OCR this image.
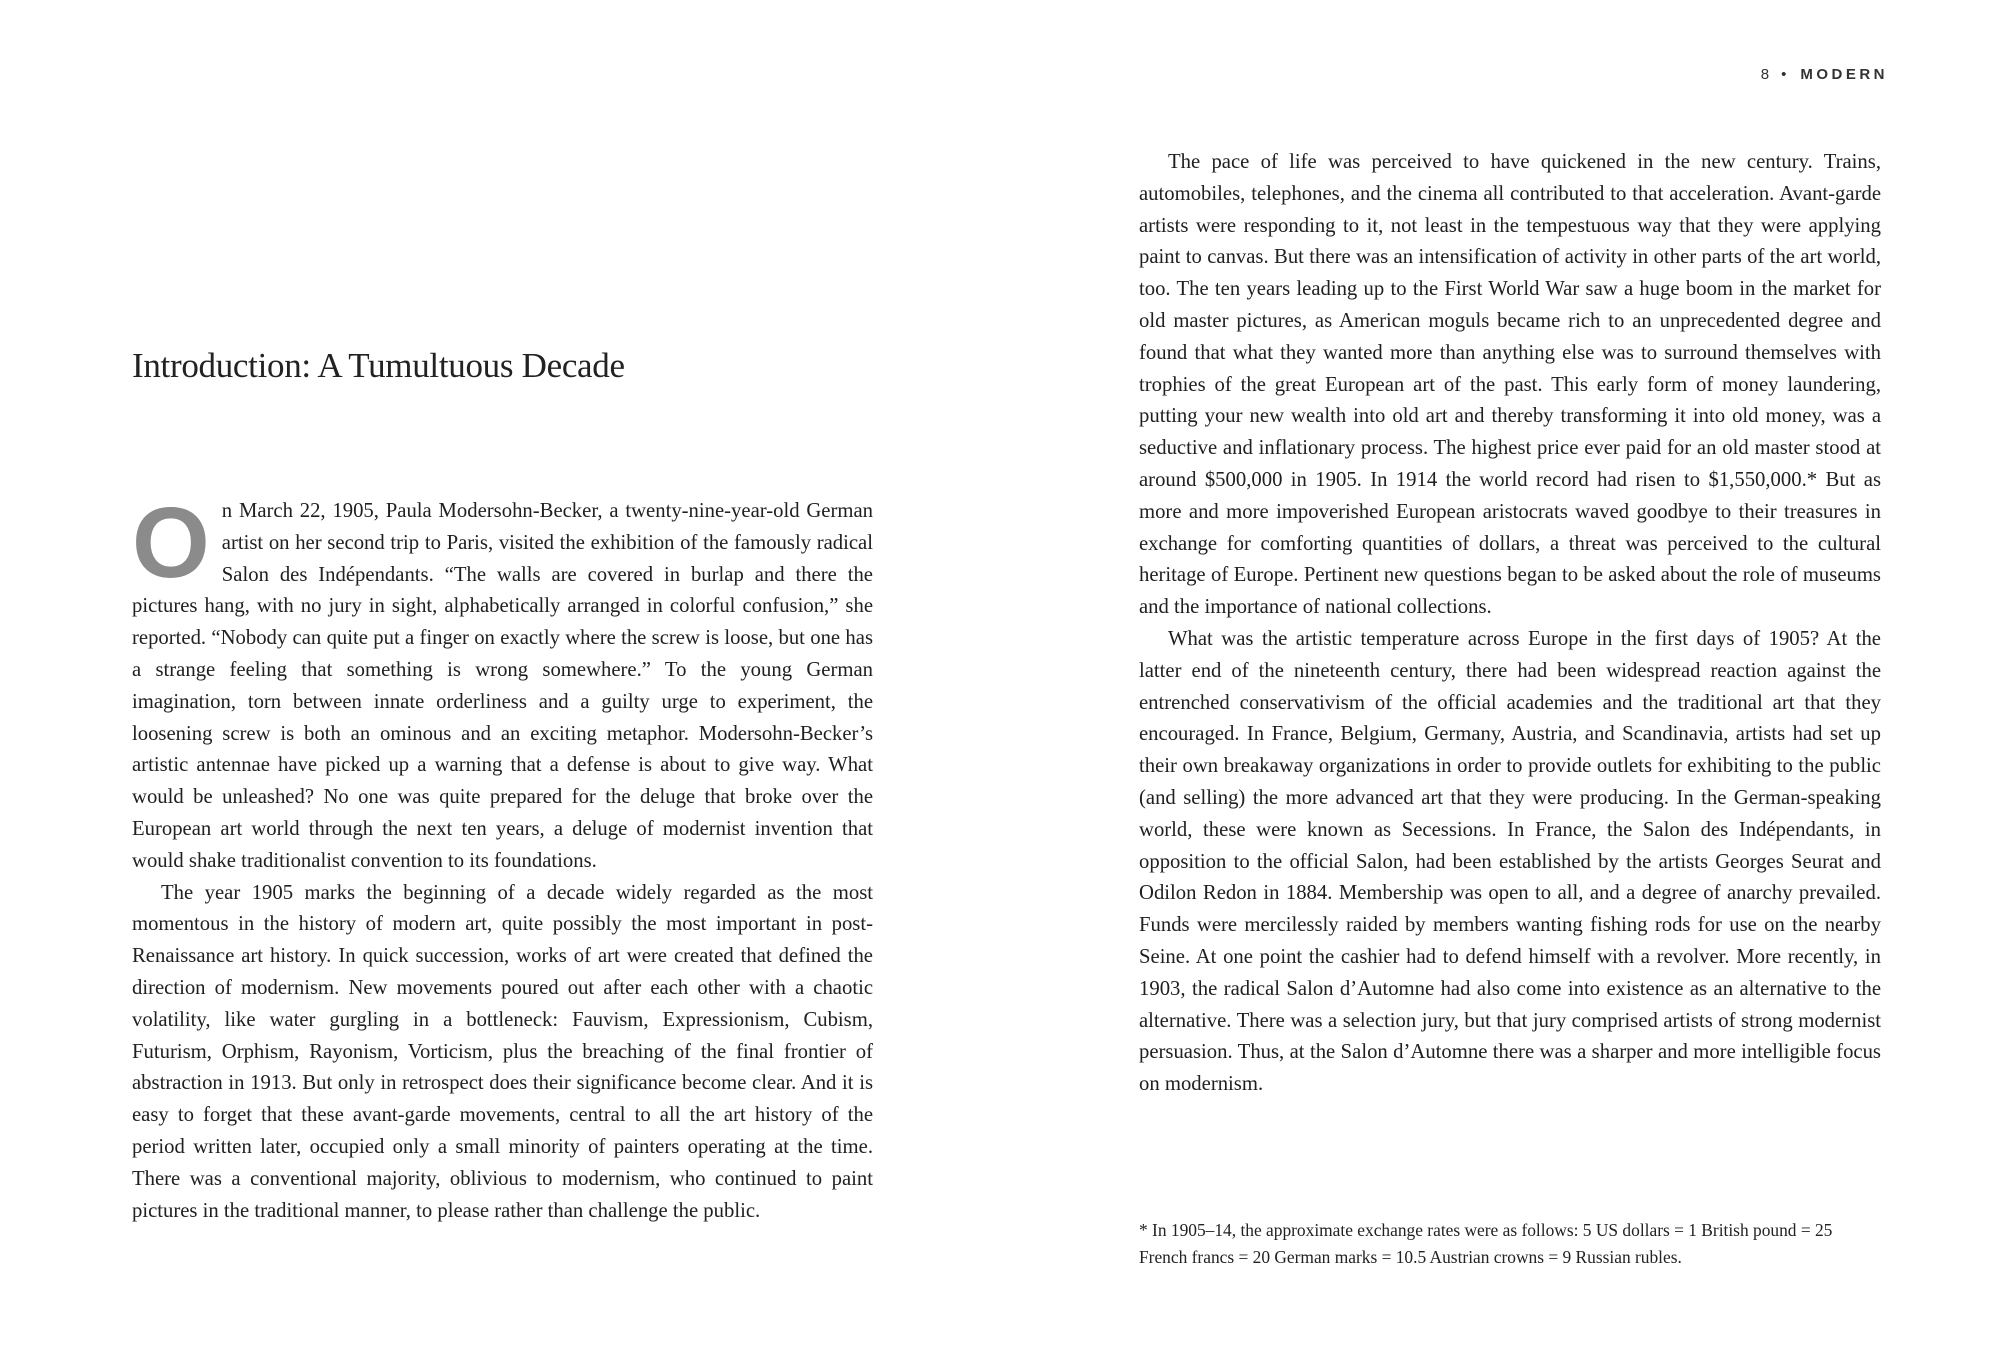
Introduction: A Tumultuous Decade

On March 22, 1905, Paula Modersohn-Becker, a twenty-nine-year-old German artist on her second trip to Paris, visited the exhibition of the famously radical Salon des Indépendants. “The walls are covered in burlap and there the pictures hang, with no jury in sight, alphabetically arranged in colorful confusion,” she reported. “Nobody can quite put a finger on exactly where the screw is loose, but one has a strange feeling that something is wrong somewhere.” To the young German imagination, torn between innate orderliness and a guilty urge to experiment, the loosening screw is both an ominous and an exciting metaphor. Modersohn-Becker’s artistic antennae have picked up a warning that a defense is about to give way. What would be unleashed? No one was quite prepared for the deluge that broke over the European art world through the next ten years, a deluge of modernist invention that would shake traditionalist convention to its foundations.

The year 1905 marks the beginning of a decade widely regarded as the most momentous in the history of modern art, quite possibly the most important in post-Renaissance art history. In quick succession, works of art were created that defined the direction of modernism. New movements poured out after each other with a chaotic volatility, like water gurgling in a bottleneck: Fauvism, Expressionism, Cubism, Futurism, Orphism, Rayonism, Vorticism, plus the breaching of the final frontier of abstraction in 1913. But only in retrospect does their significance become clear. And it is easy to forget that these avant-garde movements, central to all the art history of the period written later, occupied only a small minority of painters operating at the time. There was a conventional majority, oblivious to modernism, who continued to paint pictures in the traditional manner, to please rather than challenge the public.

8 • MODERN

The pace of life was perceived to have quickened in the new century. Trains, automobiles, telephones, and the cinema all contributed to that acceleration. Avant-garde artists were responding to it, not least in the tempestuous way that they were applying paint to canvas. But there was an intensification of activity in other parts of the art world, too. The ten years leading up to the First World War saw a huge boom in the market for old master pictures, as American moguls became rich to an unprecedented degree and found that what they wanted more than anything else was to surround themselves with trophies of the great European art of the past. This early form of money laundering, putting your new wealth into old art and thereby transforming it into old money, was a seductive and inflationary process. The highest price ever paid for an old master stood at around $500,000 in 1905. In 1914 the world record had risen to $1,550,000.* But as more and more impoverished European aristocrats waved goodbye to their treasures in exchange for comforting quantities of dollars, a threat was perceived to the cultural heritage of Europe. Pertinent new questions began to be asked about the role of museums and the importance of national collections.

What was the artistic temperature across Europe in the first days of 1905? At the latter end of the nineteenth century, there had been widespread reaction against the entrenched conservativism of the official academies and the traditional art that they encouraged. In France, Belgium, Germany, Austria, and Scandinavia, artists had set up their own breakaway organizations in order to provide outlets for exhibiting to the public (and selling) the more advanced art that they were producing. In the German-speaking world, these were known as Secessions. In France, the Salon des Indépendants, in opposition to the official Salon, had been established by the artists Georges Seurat and Odilon Redon in 1884. Membership was open to all, and a degree of anarchy prevailed. Funds were mercilessly raided by members wanting fishing rods for use on the nearby Seine. At one point the cashier had to defend himself with a revolver. More recently, in 1903, the radical Salon d’Automne had also come into existence as an alternative to the alternative. There was a selection jury, but that jury comprised artists of strong modernist persuasion. Thus, at the Salon d’Automne there was a sharper and more intelligible focus on modernism.

* In 1905–14, the approximate exchange rates were as follows: 5 US dollars = 1 British pound = 25 French francs = 20 German marks = 10.5 Austrian crowns = 9 Russian rubles.
